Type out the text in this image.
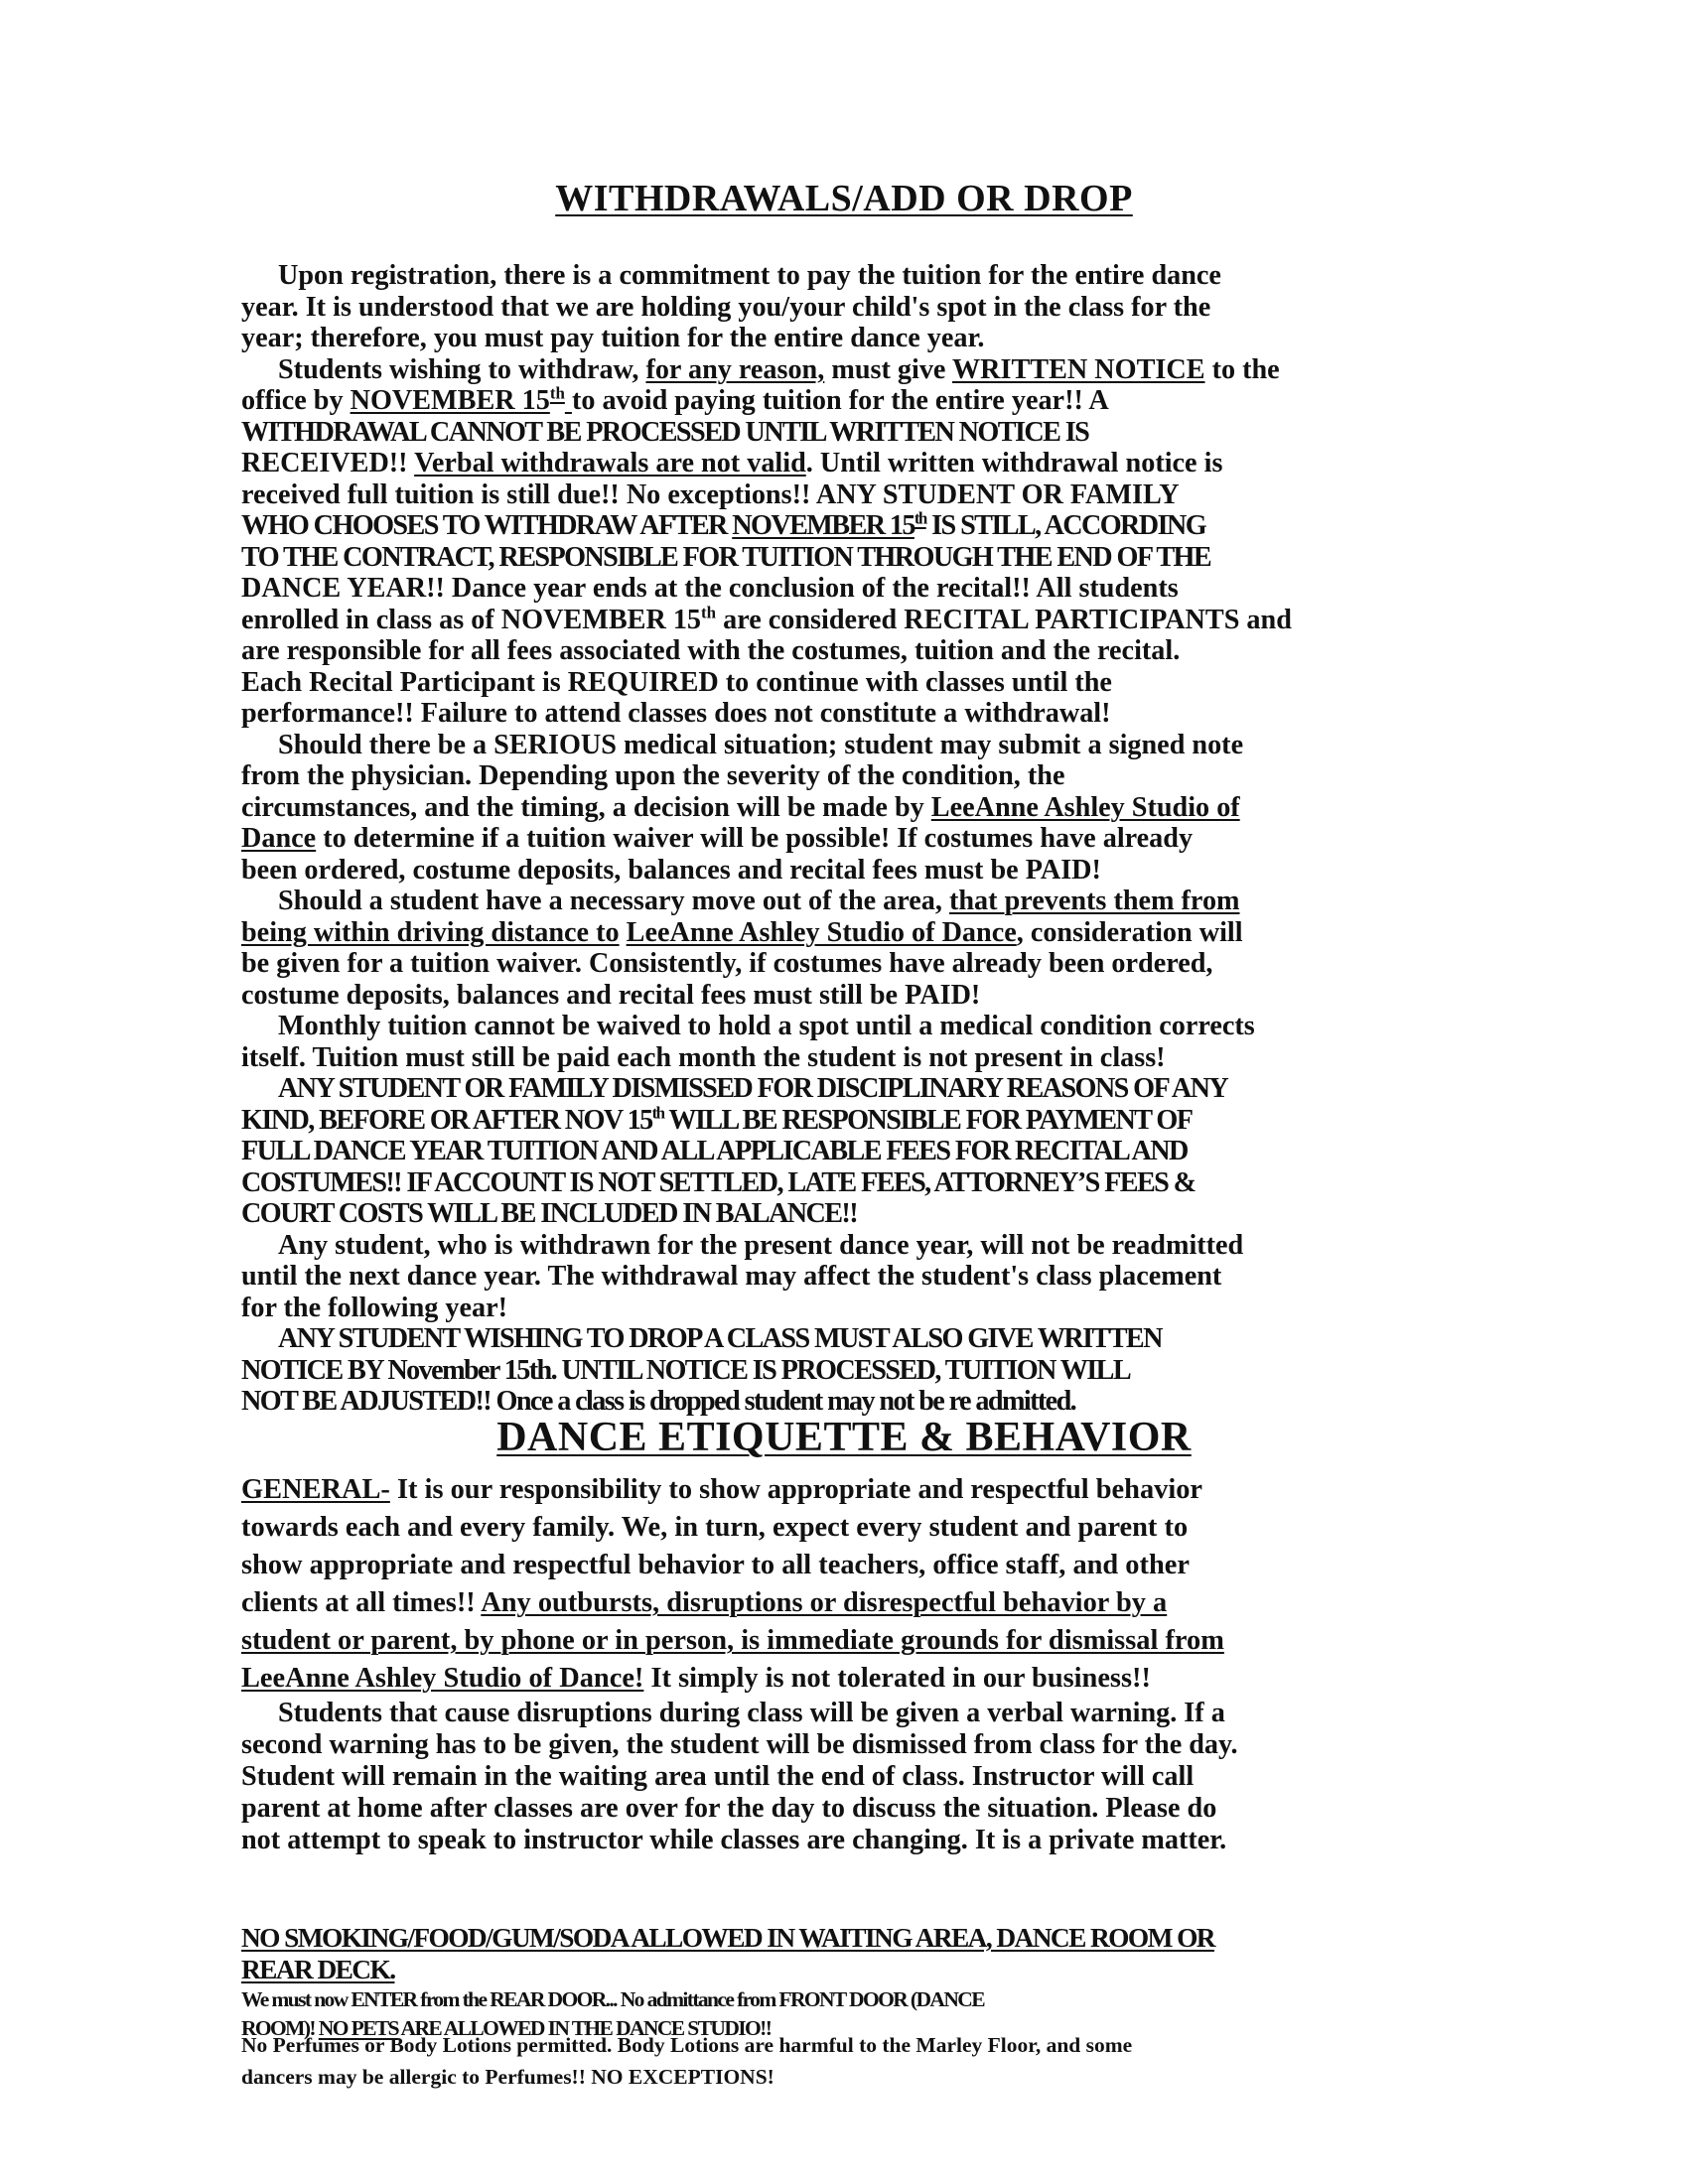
WITHDRAWALS/ADD OR DROP
Upon registration, there is a commitment to pay the tuition for the entire dance
year. It is understood that we are holding you/your child's spot in the class for the
year; therefore, you must pay tuition for the entire dance year.
Students wishing to withdraw, for any reason, must give WRITTEN NOTICE to the
office by NOVEMBER 15th to avoid paying tuition for the entire year!! A
WITHDRAWAL CANNOT BE PROCESSED UNTIL WRITTEN NOTICE IS
RECEIVED!! Verbal withdrawals are not valid. Until written withdrawal notice is
received full tuition is still due!! No exceptions!! ANY STUDENT OR FAMILY
WHO CHOOSES TO WITHDRAW AFTER NOVEMBER 15th IS STILL, ACCORDING
TO THE CONTRACT, RESPONSIBLE FOR TUITION THROUGH THE END OF THE
DANCE YEAR!! Dance year ends at the conclusion of the recital!! All students
enrolled in class as of NOVEMBER 15th are considered RECITAL PARTICIPANTS and
are responsible for all fees associated with the costumes, tuition and the recital.
Each Recital Participant is REQUIRED to continue with classes until the
performance!! Failure to attend classes does not constitute a withdrawal!
Should there be a SERIOUS medical situation; student may submit a signed note
from the physician. Depending upon the severity of the condition, the
circumstances, and the timing, a decision will be made by LeeAnne Ashley Studio of
Dance to determine if a tuition waiver will be possible! If costumes have already
been ordered, costume deposits, balances and recital fees must be PAID!
Should a student have a necessary move out of the area, that prevents them from
being within driving distance to LeeAnne Ashley Studio of Dance, consideration will
be given for a tuition waiver. Consistently, if costumes have already been ordered,
costume deposits, balances and recital fees must still be PAID!
Monthly tuition cannot be waived to hold a spot until a medical condition corrects
itself. Tuition must still be paid each month the student is not present in class!
ANY STUDENT OR FAMILY DISMISSED FOR DISCIPLINARY REASONS OF ANY
KIND, BEFORE OR AFTER NOV 15th WILL BE RESPONSIBLE FOR PAYMENT OF
FULL DANCE YEAR TUITION AND ALL APPLICABLE FEES FOR RECITAL AND
COSTUMES!! IF ACCOUNT IS NOT SETTLED, LATE FEES, ATTORNEY’S FEES &
COURT COSTS WILL BE INCLUDED IN BALANCE!!
Any student, who is withdrawn for the present dance year, will not be readmitted
until the next dance year. The withdrawal may affect the student's class placement
for the following year!
ANY STUDENT WISHING TO DROP A CLASS MUST ALSO GIVE WRITTEN
NOTICE BY November 15th. UNTIL NOTICE IS PROCESSED, TUITION WILL
NOT BE ADJUSTED!! Once a class is dropped student may not be re admitted.
DANCE ETIQUETTE & BEHAVIOR
GENERAL- It is our responsibility to show appropriate and respectful behavior
towards each and every family. We, in turn, expect every student and parent to
show appropriate and respectful behavior to all teachers, office staff, and other
clients at all times!! Any outbursts, disruptions or disrespectful behavior by a
student or parent, by phone or in person, is immediate grounds for dismissal from
LeeAnne Ashley Studio of Dance! It simply is not tolerated in our business!!
Students that cause disruptions during class will be given a verbal warning. If a
second warning has to be given, the student will be dismissed from class for the day.
Student will remain in the waiting area until the end of class. Instructor will call
parent at home after classes are over for the day to discuss the situation. Please do
not attempt to speak to instructor while classes are changing. It is a private matter.
NO SMOKING/FOOD/GUM/SODA ALLOWED IN WAITING AREA, DANCE ROOM OR
REAR DECK.
We must now ENTER from the REAR DOOR... No admittance from FRONT DOOR (DANCE
ROOM)! NO PETS ARE ALLOWED IN THE DANCE STUDIO!!
No Perfumes or Body Lotions permitted. Body Lotions are harmful to the Marley Floor, and some
dancers may be allergic to Perfumes!! NO EXCEPTIONS!
